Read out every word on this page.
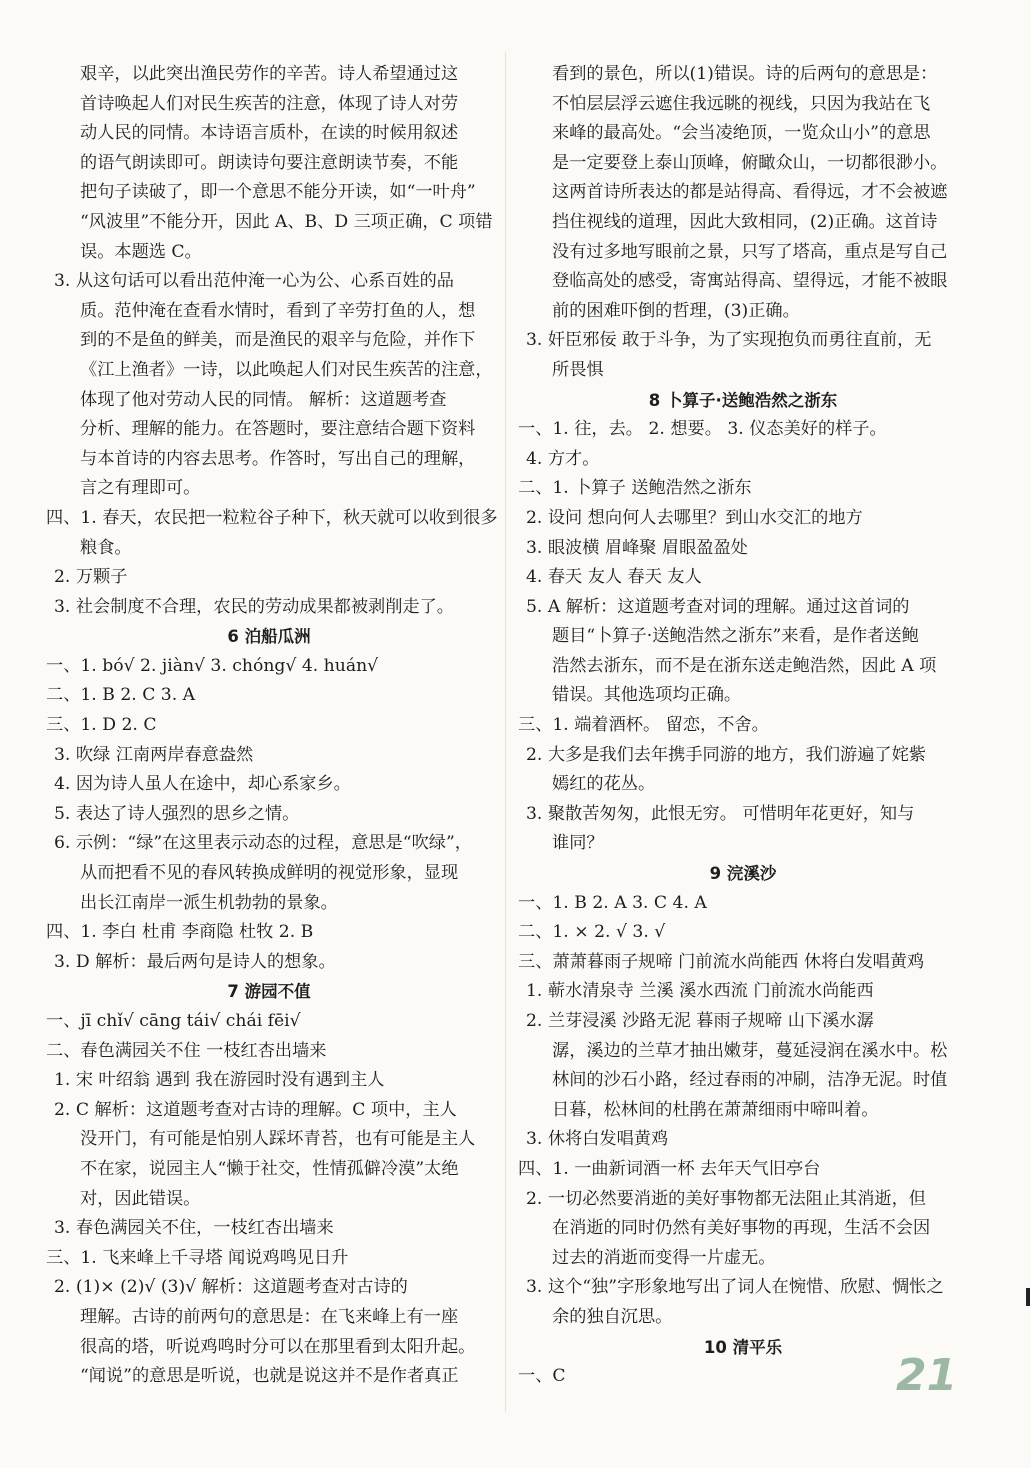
艰辛，以此突出渔民劳作的辛苦。诗人希望通过这
首诗唤起人们对民生疾苦的注意，体现了诗人对劳
动人民的同情。本诗语言质朴，在读的时候用叙述
的语气朗读即可。朗读诗句要注意朗读节奏，不能
把句子读破了，即一个意思不能分开读，如“一叶舟”
“风波里”不能分开，因此 A、B、D 三项正确，C 项错
误。本题选 C。
3. 从这句话可以看出范仲淹一心为公、心系百姓的品
质。范仲淹在查看水情时，看到了辛劳打鱼的人，想
到的不是鱼的鲜美，而是渔民的艰辛与危险，并作下
《江上渔者》一诗，以此唤起人们对民生疾苦的注意，
体现了他对劳动人民的同情。 解析：这道题考查
分析、理解的能力。在答题时，要注意结合题下资料
与本首诗的内容去思考。作答时，写出自己的理解，
言之有理即可。
四、1. 春天，农民把一粒粒谷子种下，秋天就可以收到很多
粮食。
2. 万颗子
3. 社会制度不合理，农民的劳动成果都被剥削走了。
6 泊船瓜洲
一、1. bó√ 2. jiàn√ 3. chóng√ 4. huán√
二、1. B 2. C 3. A
三、1. D 2. C
3. 吹绿 江南两岸春意盎然
4. 因为诗人虽人在途中，却心系家乡。
5. 表达了诗人强烈的思乡之情。
6. 示例：“绿”在这里表示动态的过程，意思是“吹绿”，
从而把看不见的春风转换成鲜明的视觉形象，显现
出长江南岸一派生机勃勃的景象。
四、1. 李白 杜甫 李商隐 杜牧 2. B
3. D 解析：最后两句是诗人的想象。
7 游园不值
一、jī chǐ√ cāng tái√ chái fēi√
二、春色满园关不住 一枝红杏出墙来
1. 宋 叶绍翁 遇到 我在游园时没有遇到主人
2. C 解析：这道题考查对古诗的理解。C 项中，主人
没开门，有可能是怕别人踩坏青苔，也有可能是主人
不在家，说园主人“懒于社交，性情孤僻冷漠”太绝
对，因此错误。
3. 春色满园关不住，一枝红杏出墙来
三、1. 飞来峰上千寻塔 闻说鸡鸣见日升
2. (1)× (2)√ (3)√ 解析：这道题考查对古诗的
理解。古诗的前两句的意思是：在飞来峰上有一座
很高的塔，听说鸡鸣时分可以在那里看到太阳升起。
“闻说”的意思是听说，也就是说这并不是作者真正
看到的景色，所以(1)错误。诗的后两句的意思是：
不怕层层浮云遮住我远眺的视线，只因为我站在飞
来峰的最高处。“会当凌绝顶，一览众山小”的意思
是一定要登上泰山顶峰，俯瞰众山，一切都很渺小。
这两首诗所表达的都是站得高、看得远，才不会被遮
挡住视线的道理，因此大致相同，(2)正确。这首诗
没有过多地写眼前之景，只写了塔高，重点是写自己
登临高处的感受，寄寓站得高、望得远，才能不被眼
前的困难吓倒的哲理，(3)正确。
3. 奸臣邪佞 敢于斗争，为了实现抱负而勇往直前，无
所畏惧
8 卜算子·送鲍浩然之浙东
一、1. 往，去。 2. 想要。 3. 仪态美好的样子。
4. 方才。
二、1. 卜算子 送鲍浩然之浙东
2. 设问 想向何人去哪里？到山水交汇的地方
3. 眼波横 眉峰聚 眉眼盈盈处
4. 春天 友人 春天 友人
5. A 解析：这道题考查对词的理解。通过这首词的
题目“卜算子·送鲍浩然之浙东”来看，是作者送鲍
浩然去浙东，而不是在浙东送走鲍浩然，因此 A 项
错误。其他选项均正确。
三、1. 端着酒杯。 留恋，不舍。
2. 大多是我们去年携手同游的地方，我们游遍了姹紫
嫣红的花丛。
3. 聚散苦匆匆，此恨无穷。 可惜明年花更好，知与
谁同？
9 浣溪沙
一、1. B 2. A 3. C 4. A
二、1. × 2. √ 3. √
三、萧萧暮雨子规啼 门前流水尚能西 休将白发唱黄鸡
1. 蕲水清泉寺 兰溪 溪水西流 门前流水尚能西
2. 兰芽浸溪 沙路无泥 暮雨子规啼 山下溪水潺
潺，溪边的兰草才抽出嫩芽，蔓延浸润在溪水中。松
林间的沙石小路，经过春雨的冲刷，洁净无泥。时值
日暮，松林间的杜鹃在萧萧细雨中啼叫着。
3. 休将白发唱黄鸡
四、1. 一曲新词酒一杯 去年天气旧亭台
2. 一切必然要消逝的美好事物都无法阻止其消逝，但
在消逝的同时仍然有美好事物的再现，生活不会因
过去的消逝而变得一片虚无。
3. 这个“独”字形象地写出了词人在惋惜、欣慰、惆怅之
余的独自沉思。
10 清平乐
一、C	21
